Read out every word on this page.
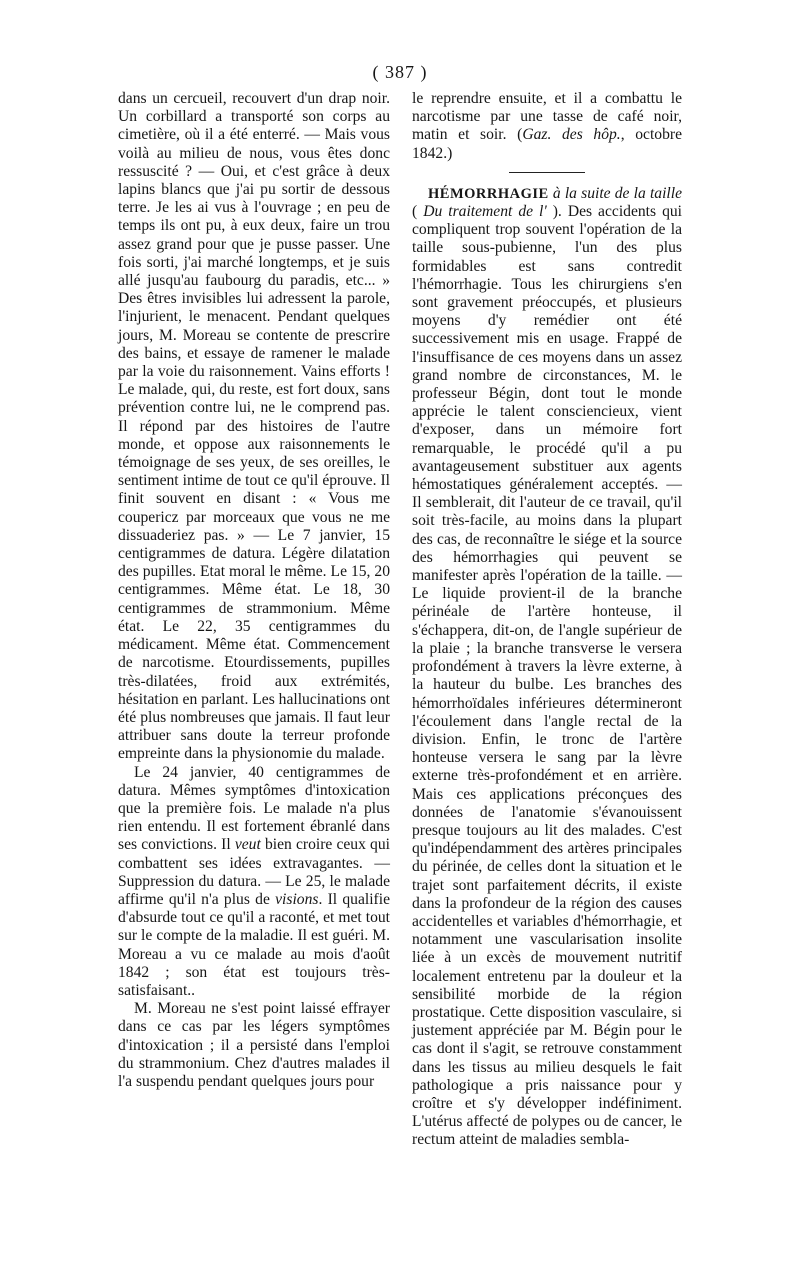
( 387 )

dans un cercueil, recouvert d'un drap noir. Un corbillard a transporté son corps au cimetière, où il a été enterré. — Mais vous voilà au milieu de nous, vous êtes donc ressuscité ? — Oui, et c'est grâce à deux lapins blancs que j'ai pu sortir de dessous terre. Je les ai vus à l'ouvrage ; en peu de temps ils ont pu, à eux deux, faire un trou assez grand pour que je pusse passer. Une fois sorti, j'ai marché longtemps, et je suis allé jusqu'au faubourg du paradis, etc... » Des êtres invisibles lui adressent la parole, l'injurient, le menacent. Pendant quelques jours, M. Moreau se contente de prescrire des bains, et essaye de ramener le malade par la voie du raisonnement. Vains efforts ! Le malade, qui, du reste, est fort doux, sans prévention contre lui, ne le comprend pas. Il répond par des histoires de l'autre monde, et oppose aux raisonnements le témoignage de ses yeux, de ses oreilles, le sentiment intime de tout ce qu'il éprouve. Il finit souvent en disant : « Vous me coupericz par morceaux que vous ne me dissuaderiez pas. » — Le 7 janvier, 15 centigrammes de datura. Légère dilatation des pupilles. Etat moral le même. Le 15, 20 centigrammes. Même état. Le 18, 30 centigrammes de strammonium. Même état. Le 22, 35 centigrammes du médicament. Même état. Commencement de narcotisme. Etourdissements, pupilles très-dilatées, froid aux extrémités, hésitation en parlant. Les hallucinations ont été plus nombreuses que jamais. Il faut leur attribuer sans doute la terreur profonde empreinte dans la physionomie du malade.

Le 24 janvier, 40 centigrammes de datura. Mêmes symptômes d'intoxication que la première fois. Le malade n'a plus rien entendu. Il est fortement ébranlé dans ses convictions. Il veut bien croire ceux qui combattent ses idées extravagantes. — Suppression du datura. — Le 25, le malade affirme qu'il n'a plus de visions. Il qualifie d'absurde tout ce qu'il a raconté, et met tout sur le compte de la maladie. Il est guéri. M. Moreau a vu ce malade au mois d'août 1842 ; son état est toujours très-satisfaisant..

M. Moreau ne s'est point laissé effrayer dans ce cas par les légers symptômes d'intoxication ; il a persisté dans l'emploi du strammonium. Chez d'autres malades il l'a suspendu pendant quelques jours pour

le reprendre ensuite, et il a combattu le narcotisme par une tasse de café noir, matin et soir. (Gaz. des hôp., octobre 1842.)

HÉMORRHAGIE à la suite de la taille ( Du traitement de l' ). Des accidents qui compliquent trop souvent l'opération de la taille sous-pubienne, l'un des plus formidables est sans contredit l'hémorrhagie. Tous les chirurgiens s'en sont gravement préoccupés, et plusieurs moyens d'y remédier ont été successivement mis en usage. Frappé de l'insuffisance de ces moyens dans un assez grand nombre de circonstances, M. le professeur Bégin, dont tout le monde apprécie le talent consciencieux, vient d'exposer, dans un mémoire fort remarquable, le procédé qu'il a pu avantageusement substituer aux agents hémostatiques généralement acceptés. — Il semblerait, dit l'auteur de ce travail, qu'il soit très-facile, au moins dans la plupart des cas, de reconnaître le siége et la source des hémorrhagies qui peuvent se manifester après l'opération de la taille. — Le liquide provient-il de la branche périnéale de l'artère honteuse, il s'échappera, dit-on, de l'angle supérieur de la plaie ; la branche transverse le versera profondément à travers la lèvre externe, à la hauteur du bulbe. Les branches des hémorrhoïdales inférieures détermineront l'écoulement dans l'angle rectal de la division. Enfin, le tronc de l'artère honteuse versera le sang par la lèvre externe très-profondément et en arrière. Mais ces applications préconçues des données de l'anatomie s'évanouissent presque toujours au lit des malades. C'est qu'indépendamment des artères principales du périnée, de celles dont la situation et le trajet sont parfaitement décrits, il existe dans la profondeur de la région des causes accidentelles et variables d'hémorrhagie, et notamment une vascularisation insolite liée à un excès de mouvement nutritif localement entretenu par la douleur et la sensibilité morbide de la région prostatique. Cette disposition vasculaire, si justement appréciée par M. Bégin pour le cas dont il s'agit, se retrouve constamment dans les tissus au milieu desquels le fait pathologique a pris naissance pour y croître et s'y développer indéfiniment. L'utérus affecté de polypes ou de cancer, le rectum atteint de maladies sembla-
